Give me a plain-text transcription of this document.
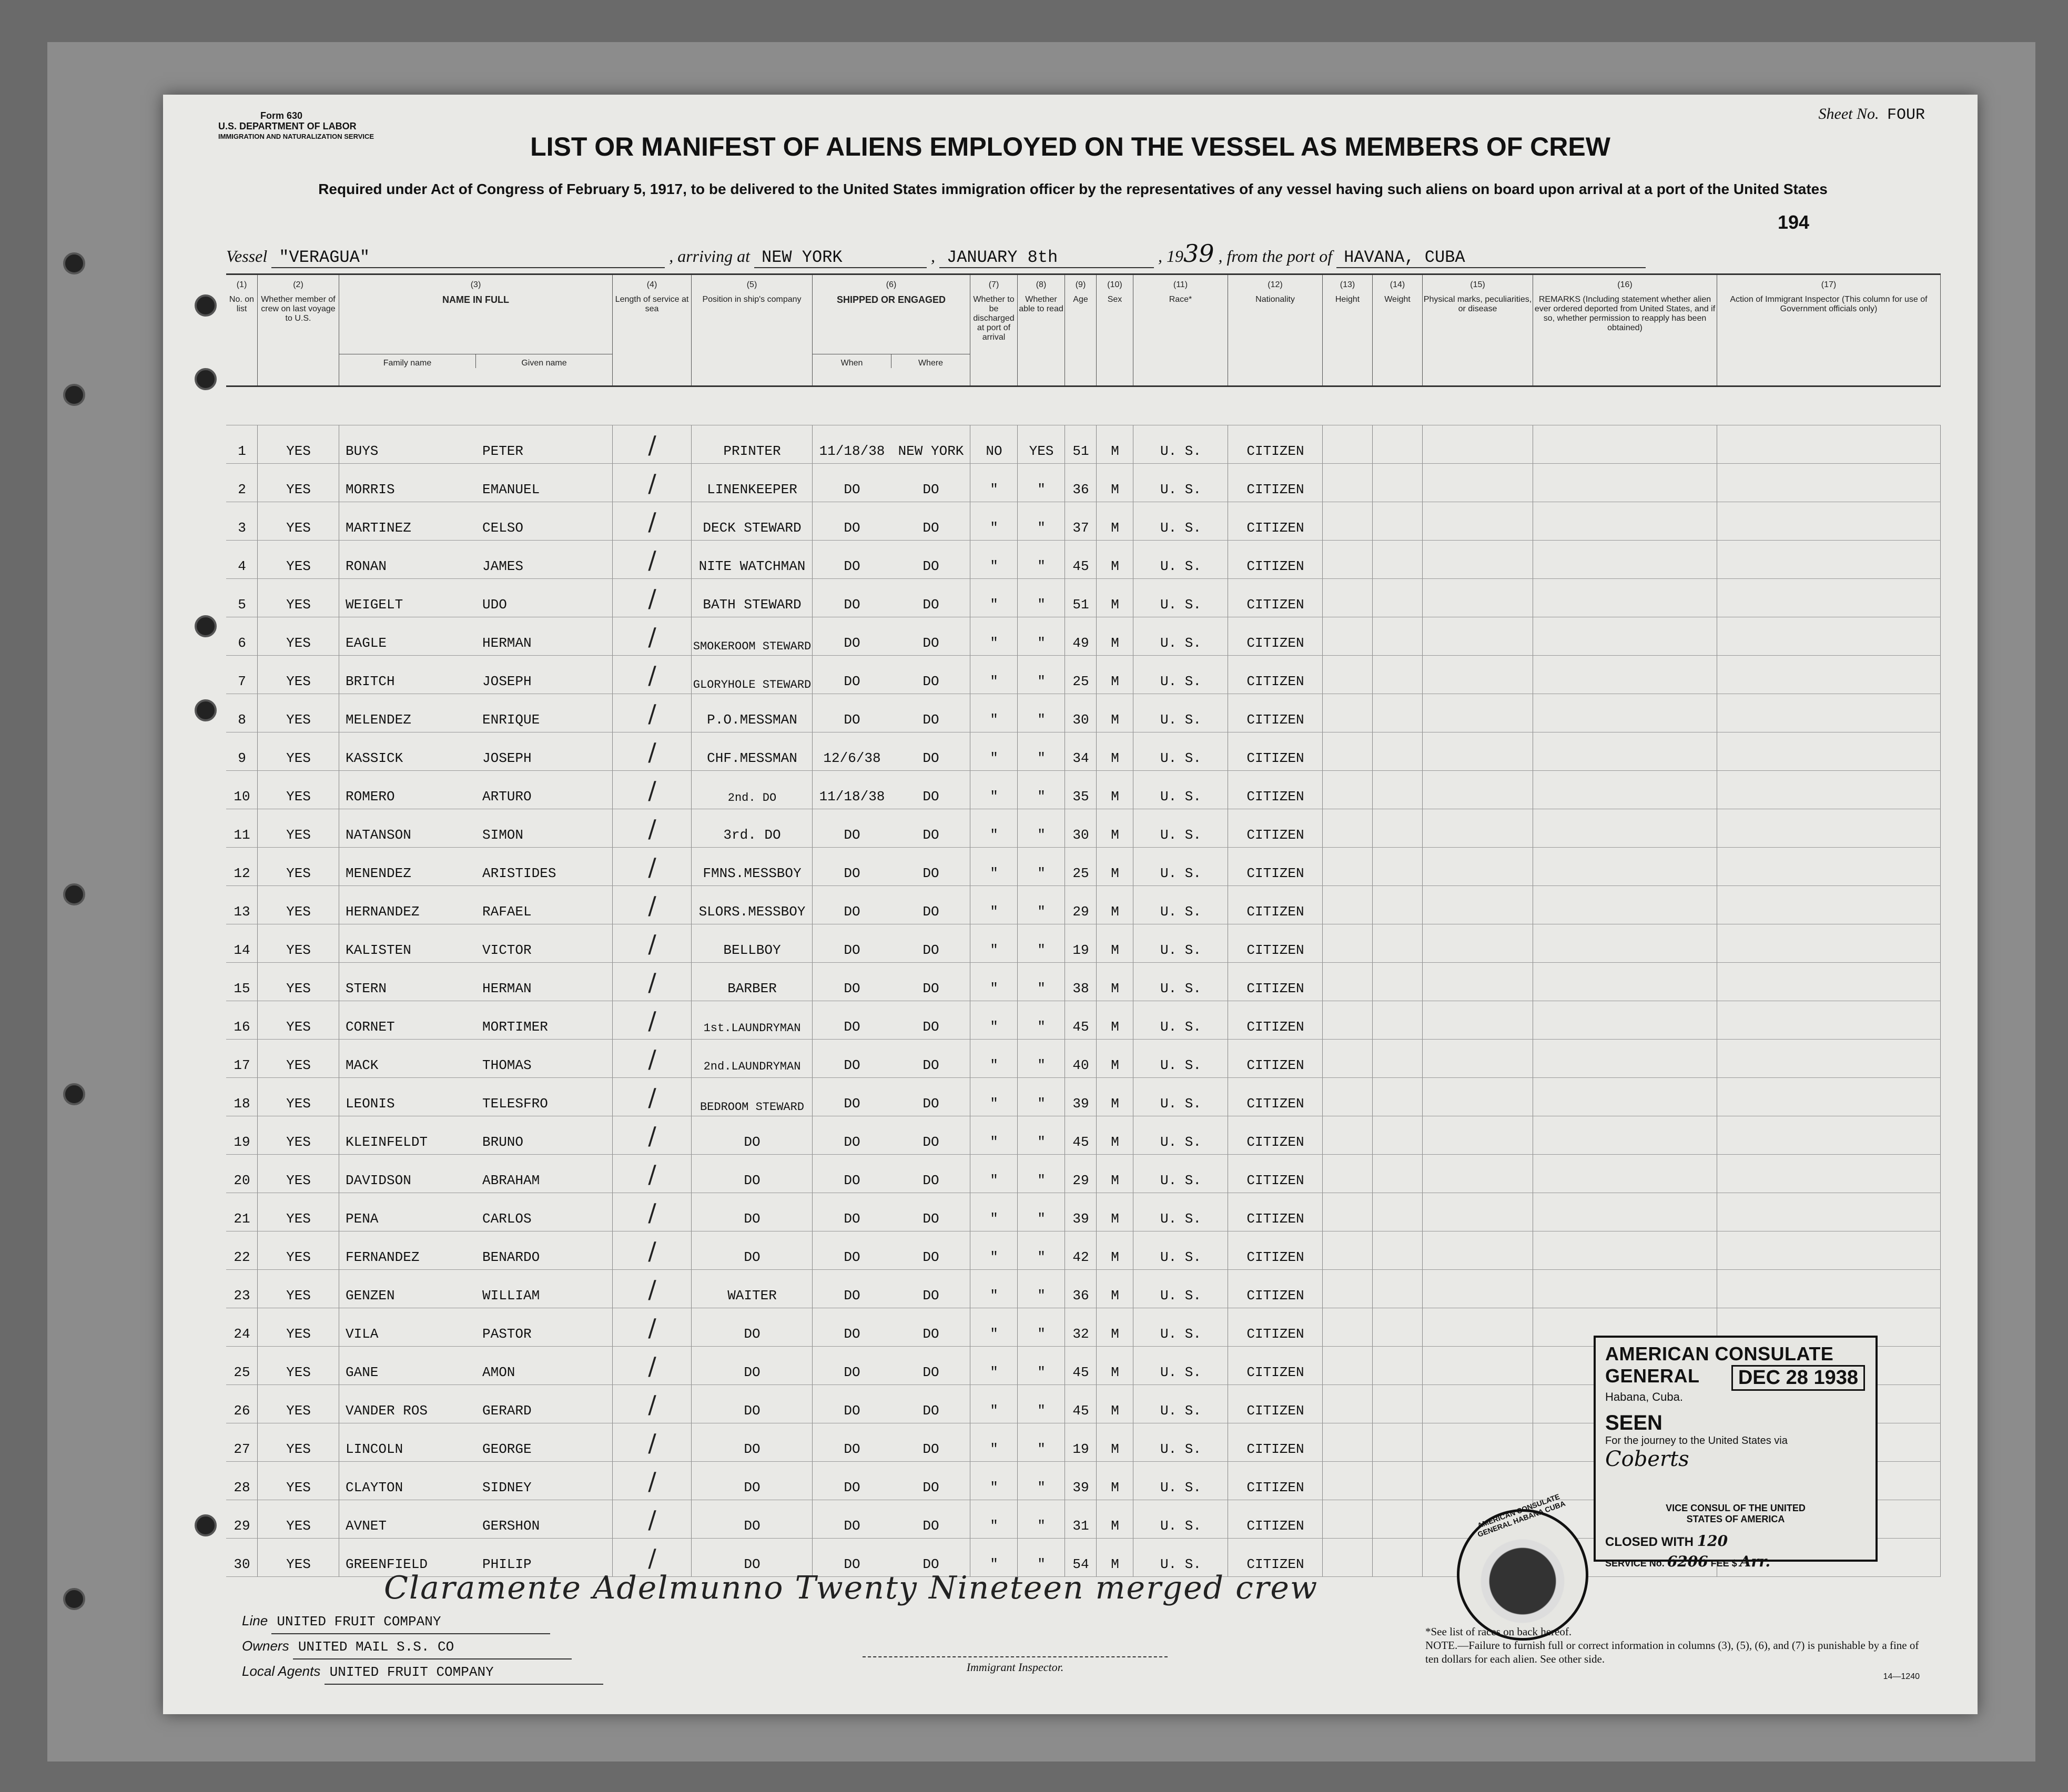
Form 630
U.S. DEPARTMENT OF LABOR
IMMIGRATION AND NATURALIZATION SERVICE
Sheet No. FOUR
LIST OR MANIFEST OF ALIENS EMPLOYED ON THE VESSEL AS MEMBERS OF CREW
Required under Act of Congress of February 5, 1917, to be delivered to the United States immigration officer by the representatives of any vessel having such aliens on board upon arrival at a port of the United States
194
Vessel "VERAGUA"	, arriving at NEW YORK	, JANUARY 8th	, 1939 , from the port of HAVANA, CUBA
(1)
No. on list
(2)
Whether member of crew on last voyage to U.S.
(3)
NAME IN FULL
Family name	Given name
(4)
Length of service at sea
(5)
Position in ship's company
(6)
SHIPPED OR ENGAGED
When	Where
(7)
Whether to be discharged at port of arrival
(8)
Whether able to read
(9)
Age
(10)
Sex
(11)
Race*
(12)
Nationality
(13)
Height
(14)
Weight
(15)
Physical marks, peculiarities, or disease
(16)
REMARKS (Including statement whether alien ever ordered deported from United States, and if so, whether permission to reapply has been obtained)
(17)
Action of Immigrant Inspector (This column for use of Government officials only)
1	YES	BUYS	PETER	/	PRINTER	11/18/38 NEW YORK	NO	YES	51	M	U. S.	CITIZEN
2	YES	MORRIS	EMANUEL	/	LINENKEEPER	DO	DO	"	"	36	M	U. S.	CITIZEN
3	YES	MARTINEZ	CELSO	/	DECK STEWARD	DO	DO	"	"	37	M	U. S.	CITIZEN
4	YES	RONAN	JAMES	/	NITE WATCHMAN	DO	DO	"	"	45	M	U. S.	CITIZEN
5	YES	WEIGELT	UDO	/	BATH STEWARD	DO	DO	"	"	51	M	U. S.	CITIZEN
6	YES	EAGLE	HERMAN	/	SMOKEROOM STEWARD	DO	DO	"	"	49	M	U. S.	CITIZEN
7	YES	BRITCH	JOSEPH	/	GLORYHOLE STEWARD	DO	DO	"	"	25	M	U. S.	CITIZEN
8	YES	MELENDEZ	ENRIQUE	/	P.O.MESSMAN	DO	DO	"	"	30	M	U. S.	CITIZEN
9	YES	KASSICK	JOSEPH	/	CHF.MESSMAN	12/6/38	DO	"	"	34	M	U. S.	CITIZEN
10	YES	ROMERO	ARTURO	/	2nd. DO	11/18/38	DO	"	"	35	M	U. S.	CITIZEN
11	YES	NATANSON	SIMON	/	3rd. DO	DO	DO	"	"	30	M	U. S.	CITIZEN
12	YES	MENENDEZ	ARISTIDES	/	FMNS.MESSBOY	DO	DO	"	"	25	M	U. S.	CITIZEN
13	YES	HERNANDEZ	RAFAEL	/	SLORS.MESSBOY	DO	DO	"	"	29	M	U. S.	CITIZEN
14	YES	KALISTEN	VICTOR	/	BELLBOY	DO	DO	"	"	19	M	U. S.	CITIZEN
15	YES	STERN	HERMAN	/	BARBER	DO	DO	"	"	38	M	U. S.	CITIZEN
16	YES	CORNET	MORTIMER	/	1st.LAUNDRYMAN	DO	DO	"	"	45	M	U. S.	CITIZEN
17	YES	MACK	THOMAS	/	2nd.LAUNDRYMAN	DO	DO	"	"	40	M	U. S.	CITIZEN
18	YES	LEONIS	TELESFRO	/	BEDROOM STEWARD	DO	DO	"	"	39	M	U. S.	CITIZEN
19	YES	KLEINFELDT	BRUNO	/	DO	DO	DO	"	"	45	M	U. S.	CITIZEN
20	YES	DAVIDSON	ABRAHAM	/	DO	DO	DO	"	"	29	M	U. S.	CITIZEN
21	YES	PENA	CARLOS	/	DO	DO	DO	"	"	39	M	U. S.	CITIZEN
22	YES	FERNANDEZ	BENARDO	/	DO	DO	DO	"	"	42	M	U. S.	CITIZEN
23	YES	GENZEN	WILLIAM	/	WAITER	DO	DO	"	"	36	M	U. S.	CITIZEN
24	YES	VILA	PASTOR	/	DO	DO	DO	"	"	32	M	U. S.	CITIZEN
25	YES	GANE	AMON	/	DO	DO	DO	"	"	45	M	U. S.	CITIZEN
26	YES	VANDER ROS	GERARD	/	DO	DO	DO	"	"	45	M	U. S.	CITIZEN
27	YES	LINCOLN	GEORGE	/	DO	DO	DO	"	"	19	M	U. S.	CITIZEN
28	YES	CLAYTON	SIDNEY	/	DO	DO	DO	"	"	39	M	U. S.	CITIZEN
29	YES	AVNET	GERSHON	/	DO	DO	DO	"	"	31	M	U. S.	CITIZEN
30	YES	GREENFIELD	PHILIP	/	DO	DO	DO	"	"	54	M	U. S.	CITIZEN
Claramente Adelmunno Twenty Nineteen merged crew
AMERICAN CONSULATE GENERAL
Habana, Cuba.
DEC 28 1938
SEEN
For the journey to the United States via
Coberts
VICE CONSUL OF THE UNITED
STATES OF AMERICA
CLOSED WITH 120
SERVICE No. 6206 FEE $ Arr.
AMERICAN CONSULATE GENERAL HABANA CUBA
Line UNITED FRUIT COMPANY
Owners UNITED MAIL S.S. CO
Local Agents UNITED FRUIT COMPANY	Immigrant Inspector.
*See list of races on back hereof.
NOTE.—Failure to furnish full or correct information in columns (3), (5), (6), and (7) is punishable by a fine of ten dollars for each alien. See other side.
14—1240
